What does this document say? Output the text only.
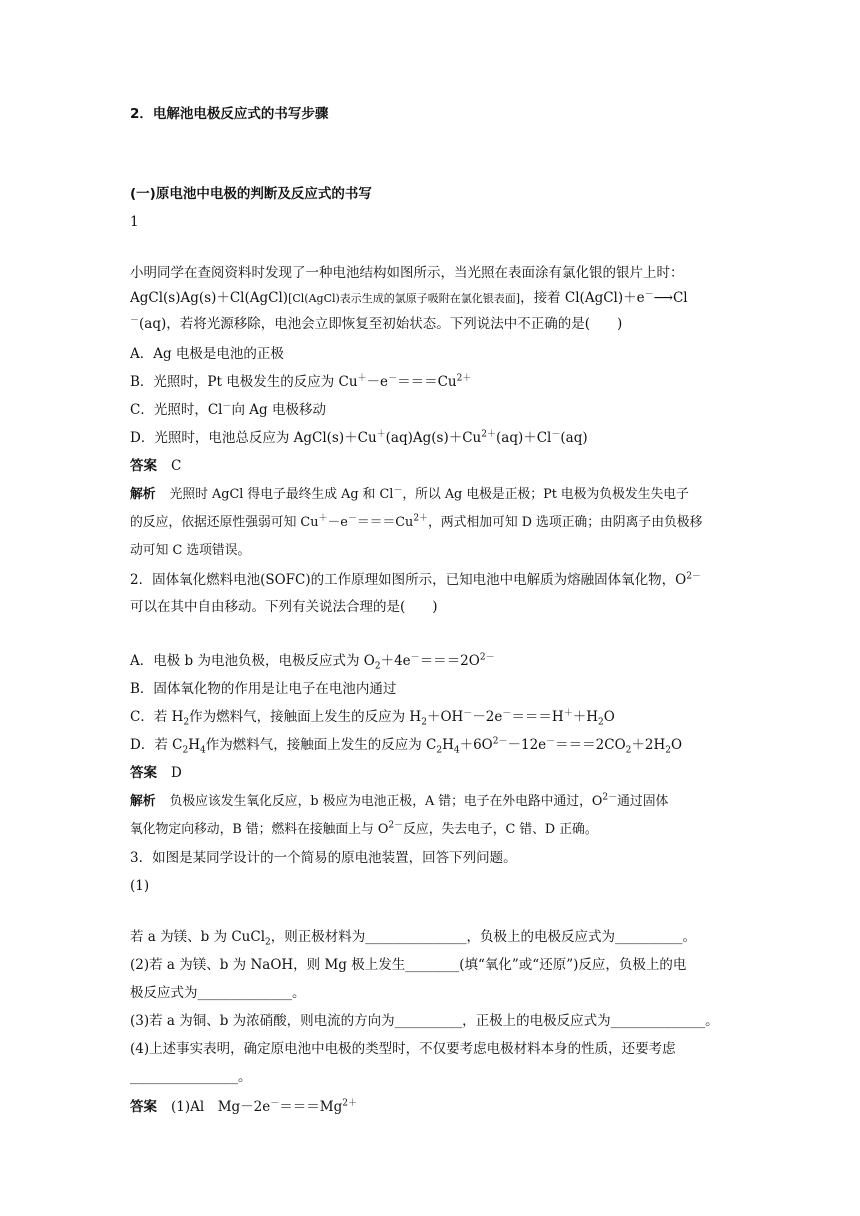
2．电解池电极反应式的书写步骤
(一)原电池中电极的判断及反应式的书写
1
小明同学在查阅资料时发现了一种电池结构如图所示，当光照在表面涂有氯化银的银片上时：
AgCl(s)Ag(s)＋Cl(AgCl)[Cl(AgCl)表示生成的氯原子吸附在氯化银表面]，接着 Cl(AgCl)＋e－⟶Cl
－(aq)，若将光源移除，电池会立即恢复至初始状态。下列说法中不正确的是(　　)
A．Ag 电极是电池的正极
B．光照时，Pt 电极发生的反应为 $Cu^+-e^-===Cu^{2+}$
C．光照时，Cl－向 Ag 电极移动
D．光照时，电池总反应为 $AgCl(s)+Cu^+(aq)Ag(s)+Cu^{2+}(aq)+Cl^-(aq)$
答案 C
解析 光照时 AgCl 得电子最终生成 Ag 和 Cl－，所以 Ag 电极是正极；Pt 电极为负极发生失电子
的反应，依据还原性强弱可知 $Cu^+-e^-===Cu^{2+}$，两式相加可知 D 选项正确；由阴离子由负极移
动可知 C 选项错误。
2．固体氧化燃料电池(SOFC)的工作原理如图所示，已知电池中电解质为熔融固体氧化物，$O^{2-}$
可以在其中自由移动。下列有关说法合理的是(　　)
A．电极 b 为电池负极，电极反应式为 $O_2+4e^-===2O^{2-}$
B．固体氧化物的作用是让电子在电池内通过
C．若 $H_2$作为燃料气，接触面上发生的反应为 $H_2+OH^--2e^-===H^++H_2O$
D．若 $C_2H_4$作为燃料气，接触面上发生的反应为 $C_2H_4+6O^{2-}-12e^-===2CO_2+2H_2O$
答案 D
解析 负极应该发生氧化反应，b 极应为电池正极，A 错；电子在外电路中通过，$O^{2-}$通过固体
氧化物定向移动，B 错；燃料在接触面上与 $O^{2-}$反应，失去电子，C 错、D 正确。
3．如图是某同学设计的一个简易的原电池装置，回答下列问题。
(1)
若 a 为镁、b 为 CuCl$_2$，则正极材料为_______________，负极上的电极反应式为__________。
(2)若 a 为镁、b 为 NaOH，则 Mg 极上发生________(填“氧化”或“还原”)反应，负极上的电
极反应式为______________。
(3)若 a 为铜、b 为浓硝酸，则电流的方向为__________，正极上的电极反应式为______________。
(4)上述事实表明，确定原电池中电极的类型时，不仅要考虑电极材料本身的性质，还要考虑
________________。
答案 (1)Al　$Mg-2e^-===Mg^{2+}$
